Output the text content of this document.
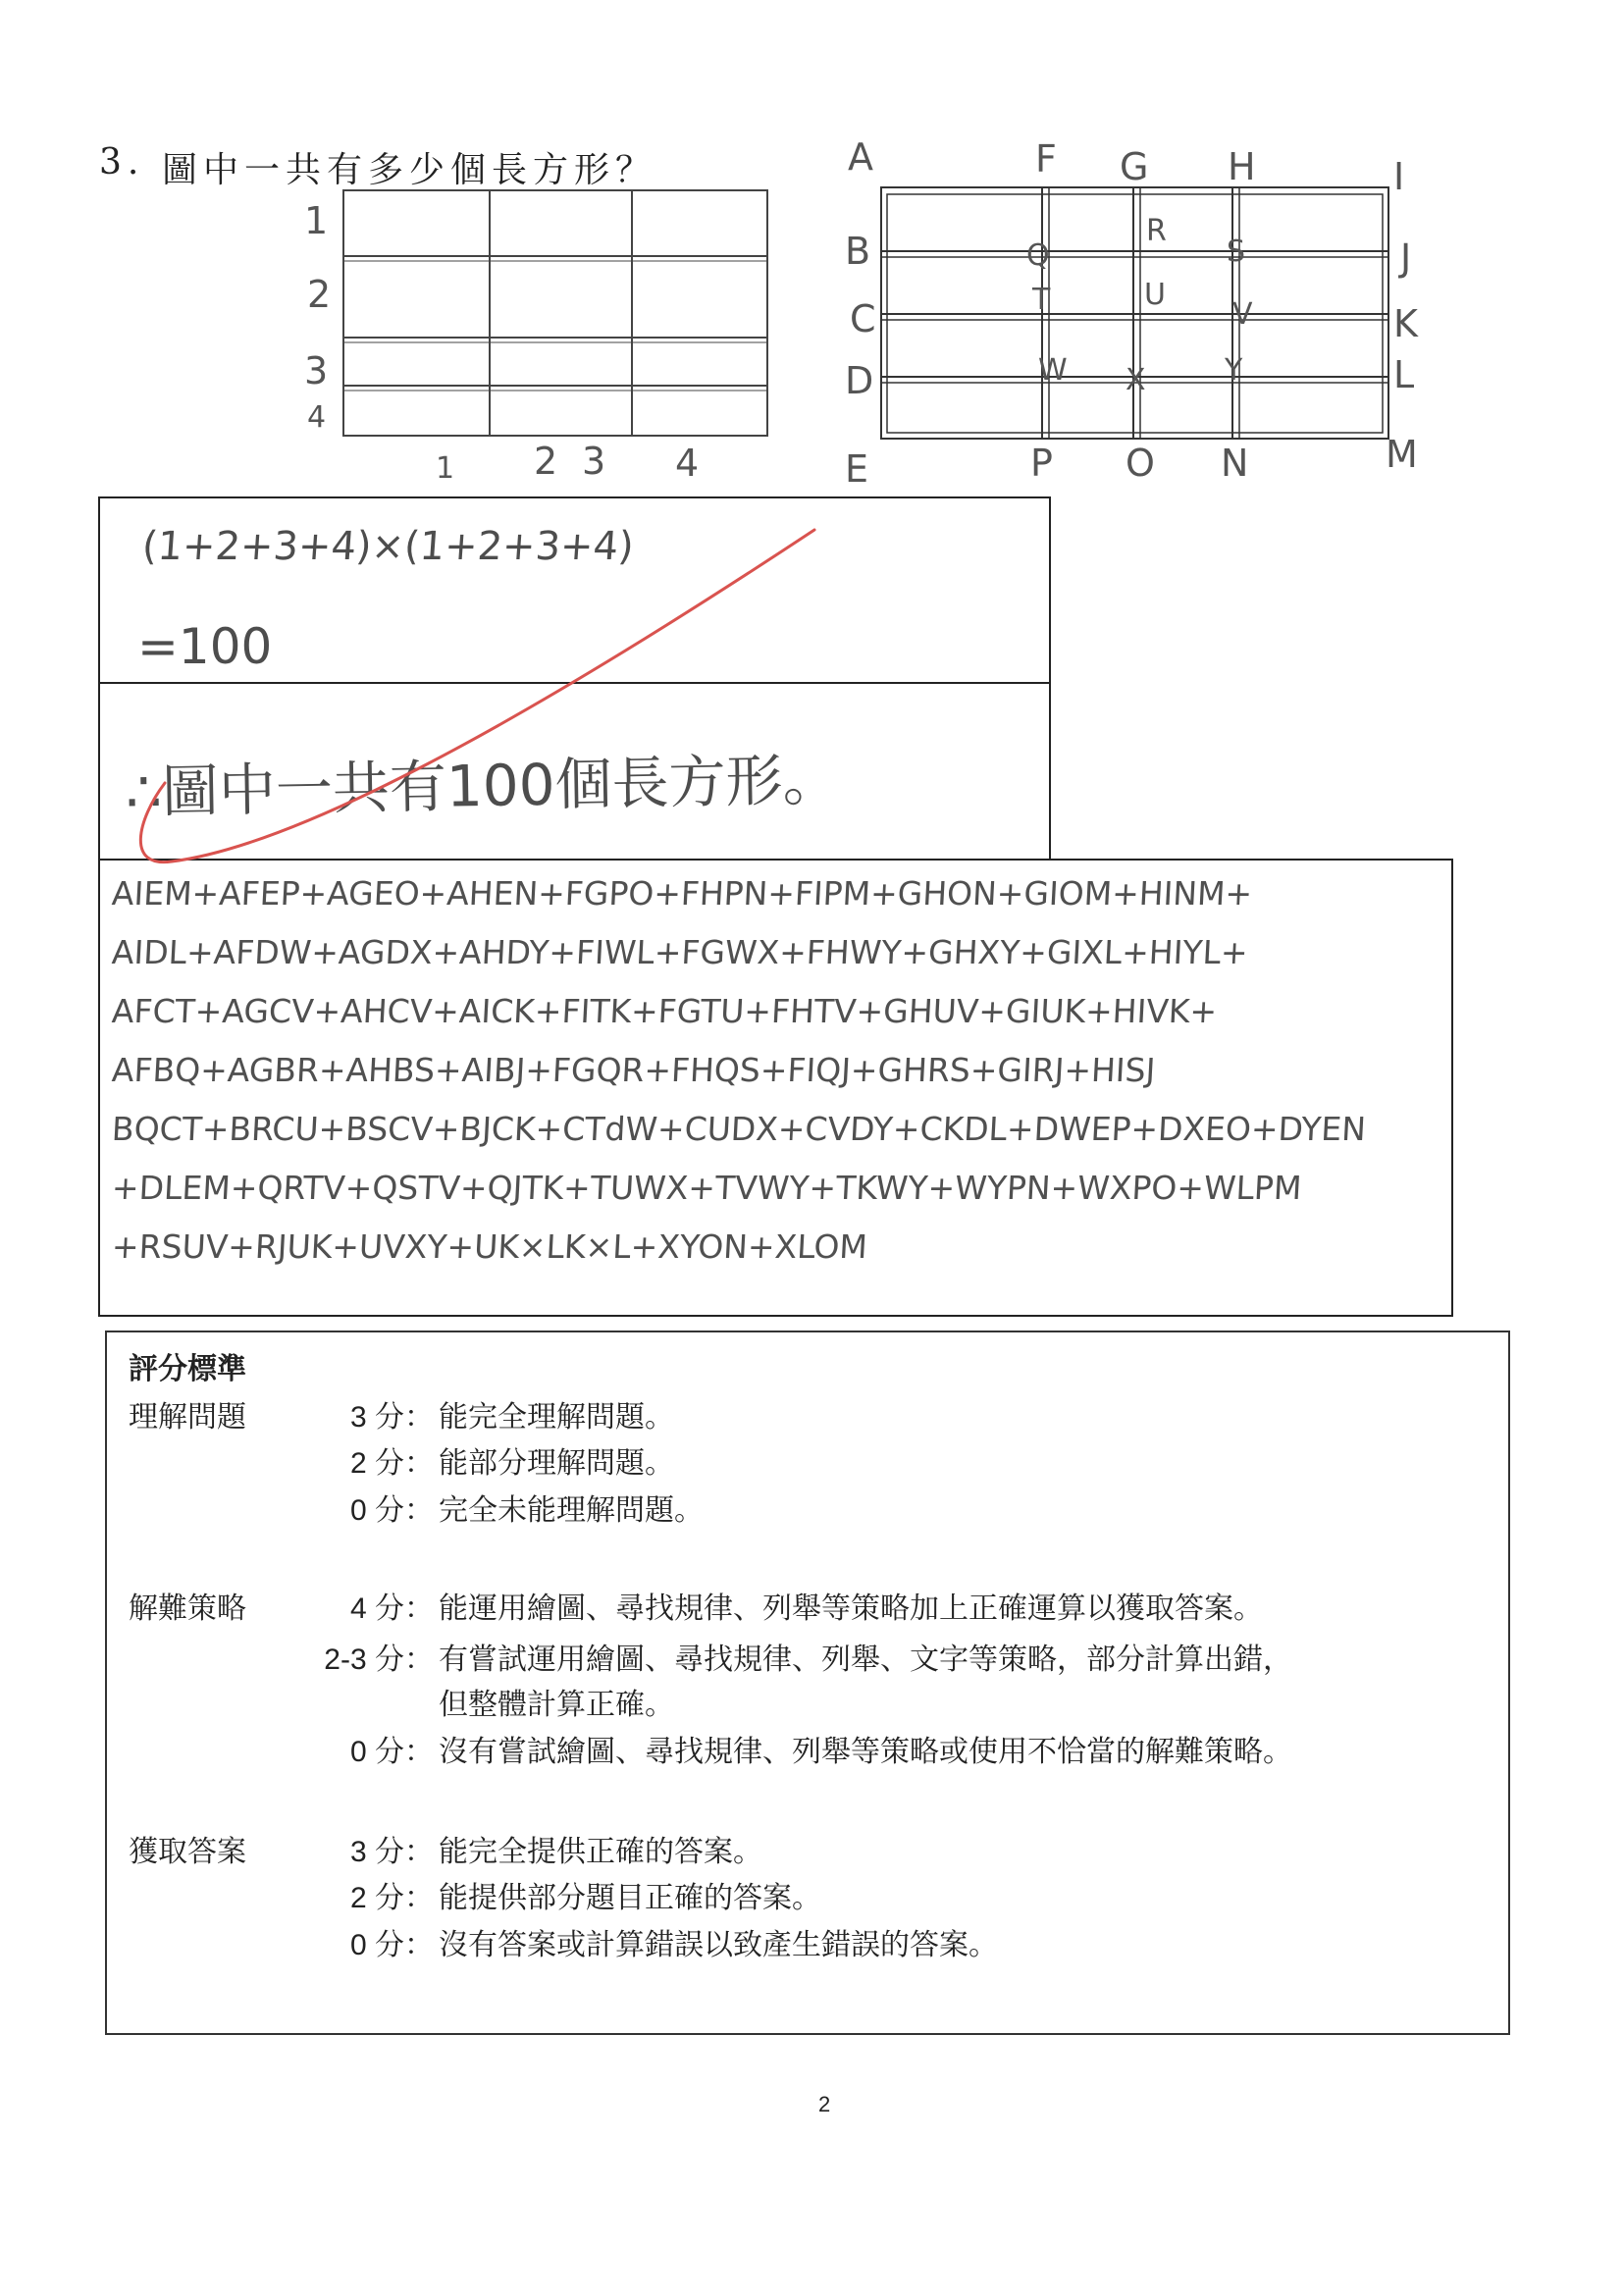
3. 圖中一共有多少個長方形？
1
2
3
4
1 2 3 4
A	F G H	I
B
C
D
E
J
K
L
M
P O N
Q
R
S
T	U
V
W X	Y
(1+2+3+4)×(1+2+3+4)
=100
∴圖中一共有100個長方形。
AIEM+AFEP+AGEO+AHEN+FGPO+FHPN+FIPM+GHON+GIOM+HINM+
AIDL+AFDW+AGDX+AHDY+FIWL+FGWX+FHWY+GHXY+GIXL+HIYL+
AFCT+AGCV+AHCV+AICK+FITK+FGTU+FHTV+GHUV+GIUK+HIVK+
AFBQ+AGBR+AHBS+AIBJ+FGQR+FHQS+FIQJ+GHRS+GIRJ+HISJ
BQCT+BRCU+BSCV+BJCK+CTdW+CUDX+CVDY+CKDL+DWEP+DXEO+DYEN
+DLEM+QRTV+QSTV+QJTK+TUWX+TVWY+TKWY+WYPN+WXPO+WLPM
+RSUV+RJUK+UVXY+UK×LK×L+XYON+XLOM
評分標準
理解問題	3 分 ： 能完全理解問題。
2 分 ： 能部分理解問題。
0 分 ： 完全未能理解問題。
解難策略	4 分 ： 能運用繪圖、尋找規律、列舉等策略加上正確運算以獲取答案。
2-3 分 ： 有嘗試運用繪圖、尋找規律、列舉、文字等策略，部分計算出錯，
但整體計算正確。
0 分 ： 沒有嘗試繪圖、尋找規律、列舉等策略或使用不恰當的解難策略。
獲取答案	3 分 ： 能完全提供正確的答案。
2 分 ： 能提供部分題目正確的答案。
0 分 ： 沒有答案或計算錯誤以致產生錯誤的答案。
2
